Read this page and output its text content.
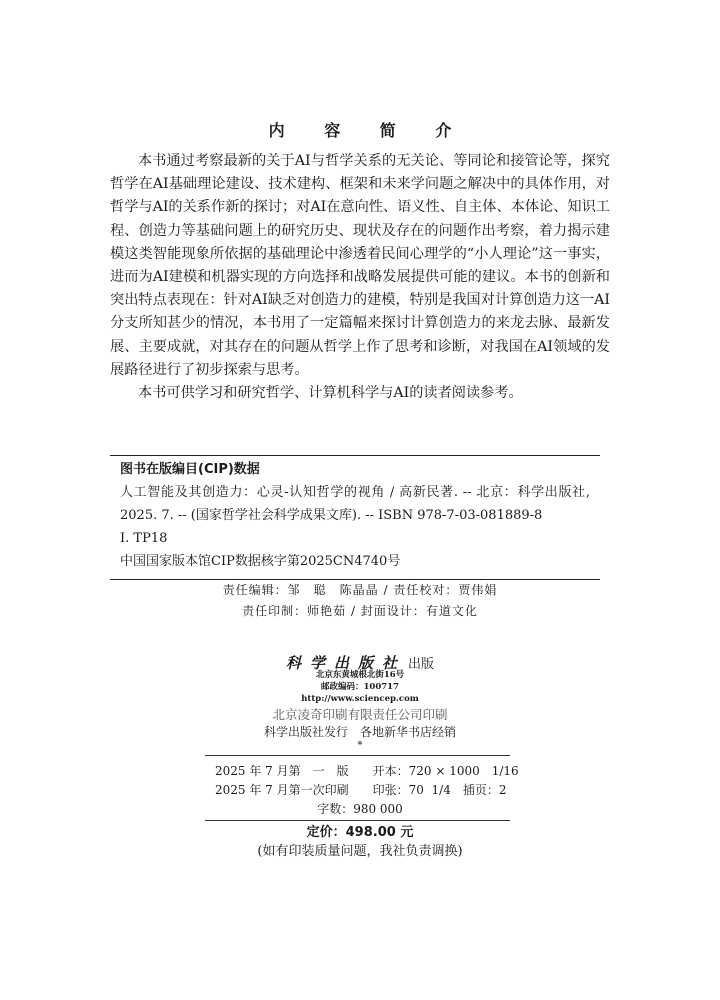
内 容 简 介

本书通过考察最新的关于AI与哲学关系的无关论、等同论和接管论等，探究哲学在AI基础理论建设、技术建构、框架和未来学问题之解决中的具体作用，对哲学与AI的关系作新的探讨；对AI在意向性、语义性、自主体、本体论、知识工程、创造力等基础问题上的研究历史、现状及存在的问题作出考察，着力揭示建模这类智能现象所依据的基础理论中渗透着民间心理学的“小人理论”这一事实，进而为AI建模和机器实现的方向选择和战略发展提供可能的建议。本书的创新和突出特点表现在：针对AI缺乏对创造力的建模，特别是我国对计算创造力这一AI分支所知甚少的情况，本书用了一定篇幅来探讨计算创造力的来龙去脉、最新发展、主要成就，对其存在的问题从哲学上作了思考和诊断，对我国在AI领域的发展路径进行了初步探索与思考。

本书可供学习和研究哲学、计算机科学与AI的读者阅读参考。

图书在版编目(CIP)数据
人工智能及其创造力：心灵-认知哲学的视角 / 高新民著. -- 北京：科学出版社, 2025. 7. -- (国家哲学社会科学成果文库). -- ISBN 978-7-03-081889-8
Ⅰ. TP18
中国国家版本馆CIP数据核字第2025CN4740号
责任编辑：邹　聪　陈晶晶 / 责任校对：贾伟娟
责任印制：师艳茹 / 封面设计：有道文化
科学出版社 出版
北京东黄城根北街16号
邮政编码：100717
http://www.sciencep.com
北京凌奇印刷有限责任公司印刷
科学出版社发行　各地新华书店经销
*
2025 年 7 月第　一　版　　开本：720 × 1000　1/16
2025 年 7 月第一次印刷　　印张：70  1/4　插页：2
字数：980 000
定价：498.00 元
(如有印装质量问题，我社负责调换)
